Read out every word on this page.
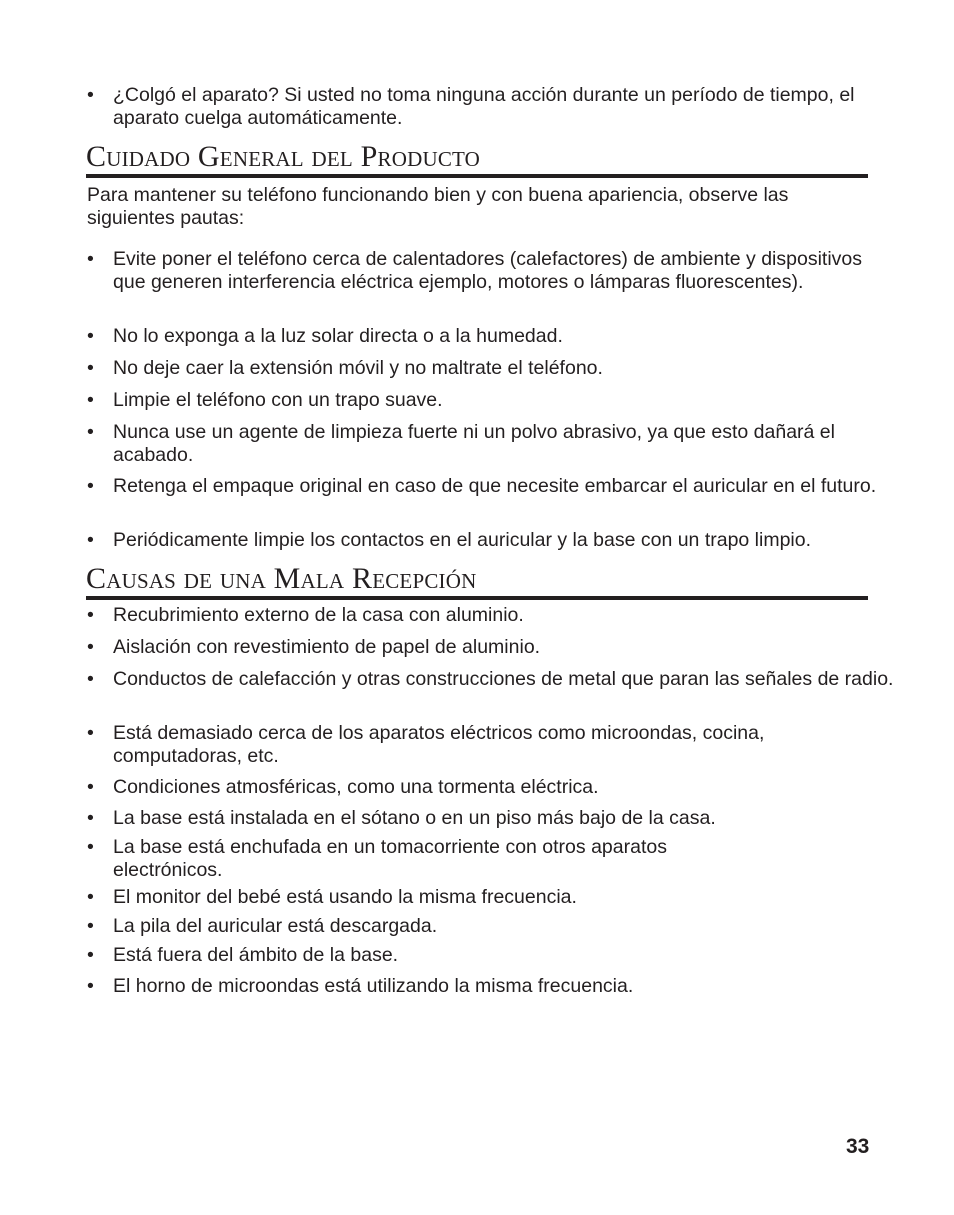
• ¿Colgó el aparato? Si usted no toma ninguna acción durante un período de tiempo, el aparato cuelga automáticamente.
Cuidado General del Producto

Para mantener su teléfono funcionando bien y con buena apariencia, observe las siguientes pautas:

• Evite poner el teléfono cerca de calentadores (calefactores) de ambiente y dispositivos que generen interferencia eléctrica ejemplo, motores o lámparas fluorescentes).
• No lo exponga a la luz solar directa o a la humedad.
• No deje caer la extensión móvil y no maltrate el teléfono.
• Limpie el teléfono con un trapo suave.
• Nunca use un agente de limpieza fuerte ni un polvo abrasivo, ya que esto dañará el acabado.
• Retenga el empaque original en caso de que necesite embarcar el auricular en el futuro.
• Periódicamente limpie los contactos en el auricular y la base con un trapo limpio.
Causas de una Mala Recepción
• Recubrimiento externo de la casa con aluminio.
• Aislación con revestimiento de papel de aluminio.
• Conductos de calefacción y otras construcciones de metal que paran las señales de radio.
• Está demasiado cerca de los aparatos eléctricos como microondas, cocina, computadoras, etc.
• Condiciones atmosféricas, como una tormenta eléctrica.
• La base está instalada en el sótano o en un piso más bajo de la casa.
• La base está enchufada en un tomacorriente con otros aparatos electrónicos.
• El monitor del bebé está usando la misma frecuencia.
• La pila del auricular está descargada.
• Está fuera del ámbito de la base.
• El horno de microondas está utilizando la misma frecuencia.
33
